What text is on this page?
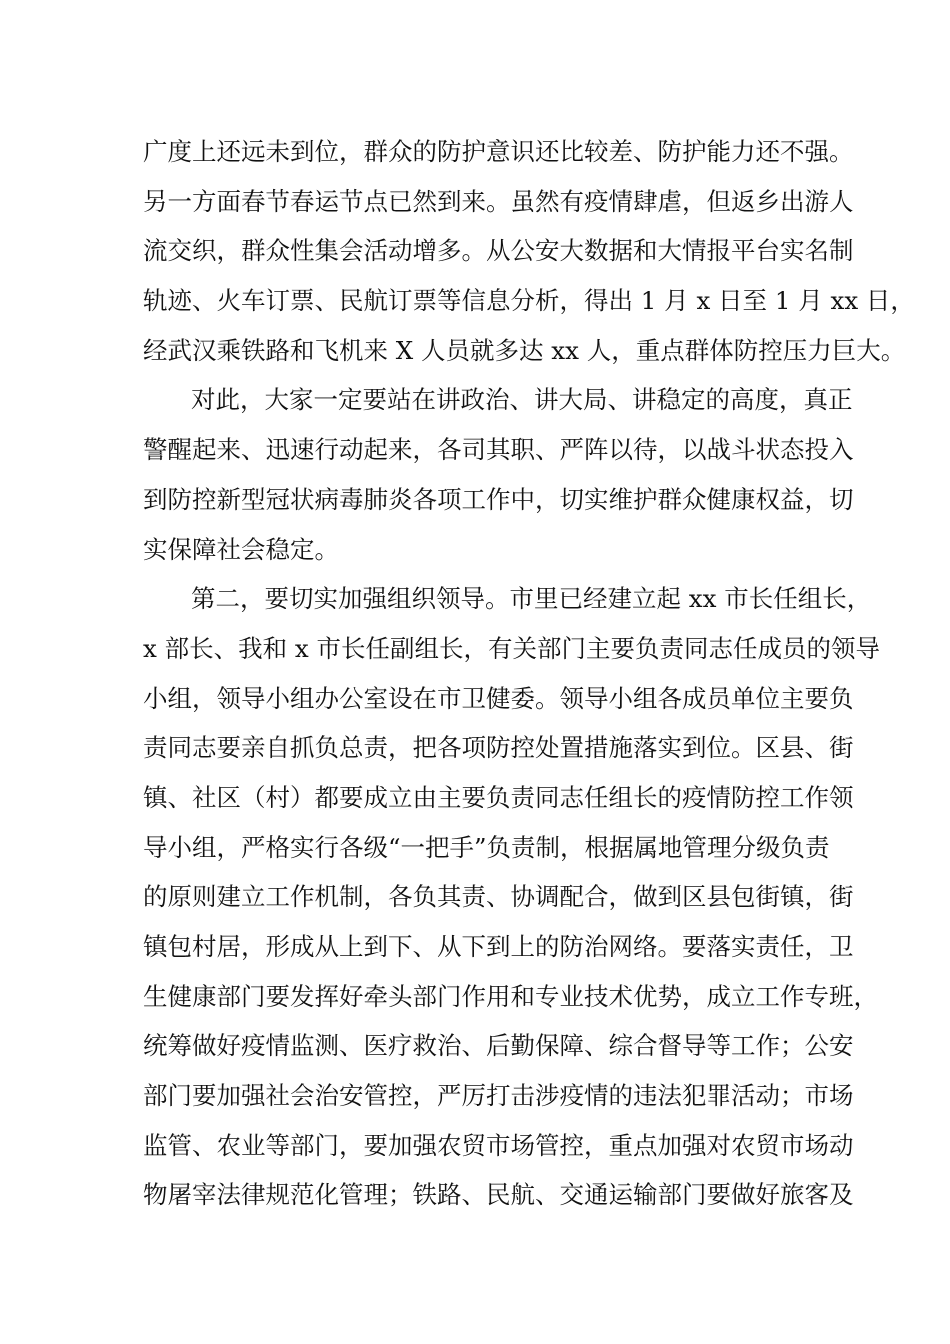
广度上还远未到位，群众的防护意识还比较差、防护能力还不强。
另一方面春节春运节点已然到来。虽然有疫情肆虐，但返乡出游人
流交织，群众性集会活动增多。从公安大数据和大情报平台实名制
轨迹、火车订票、民航订票等信息分析，得出 1 月 x 日至 1 月 xx 日，
经武汉乘铁路和飞机来 X 人员就多达 xx 人，重点群体防控压力巨大。
对此，大家一定要站在讲政治、讲大局、讲稳定的高度，真正
警醒起来、迅速行动起来，各司其职、严阵以待，以战斗状态投入
到防控新型冠状病毒肺炎各项工作中，切实维护群众健康权益，切
实保障社会稳定。
第二，要切实加强组织领导。市里已经建立起 xx 市长任组长，
x 部长、我和 x 市长任副组长，有关部门主要负责同志任成员的领导
小组，领导小组办公室设在市卫健委。领导小组各成员单位主要负
责同志要亲自抓负总责，把各项防控处置措施落实到位。区县、街
镇、社区（村）都要成立由主要负责同志任组长的疫情防控工作领
导小组，严格实行各级“一把手”负责制，根据属地管理分级负责
的原则建立工作机制，各负其责、协调配合，做到区县包街镇，街
镇包村居，形成从上到下、从下到上的防治网络。要落实责任，卫
生健康部门要发挥好牵头部门作用和专业技术优势，成立工作专班，
统筹做好疫情监测、医疗救治、后勤保障、综合督导等工作；公安
部门要加强社会治安管控，严厉打击涉疫情的违法犯罪活动；市场
监管、农业等部门，要加强农贸市场管控，重点加强对农贸市场动
物屠宰法律规范化管理；铁路、民航、交通运输部门要做好旅客及
